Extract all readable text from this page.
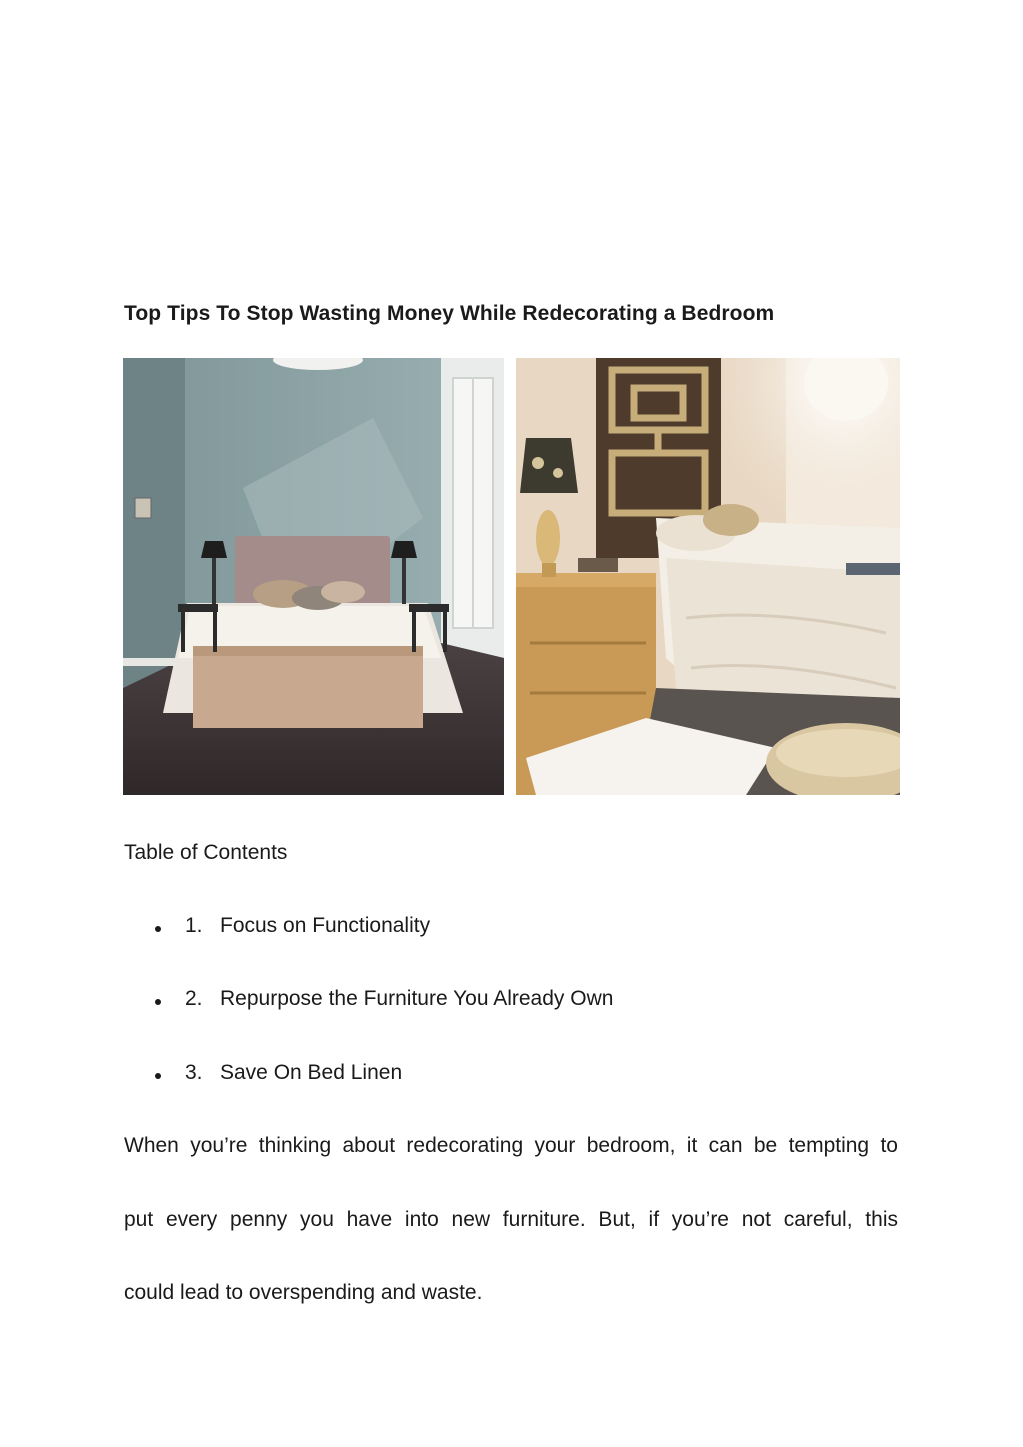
Top Tips To Stop Wasting Money While Redecorating a Bedroom
Table of Contents
1. Focus on Functionality
2. Repurpose the Furniture You Already Own
3. Save On Bed Linen
When you’re thinking about redecorating your bedroom, it can be tempting to
put every penny you have into new furniture. But, if you’re not careful, this
could lead to overspending and waste.
